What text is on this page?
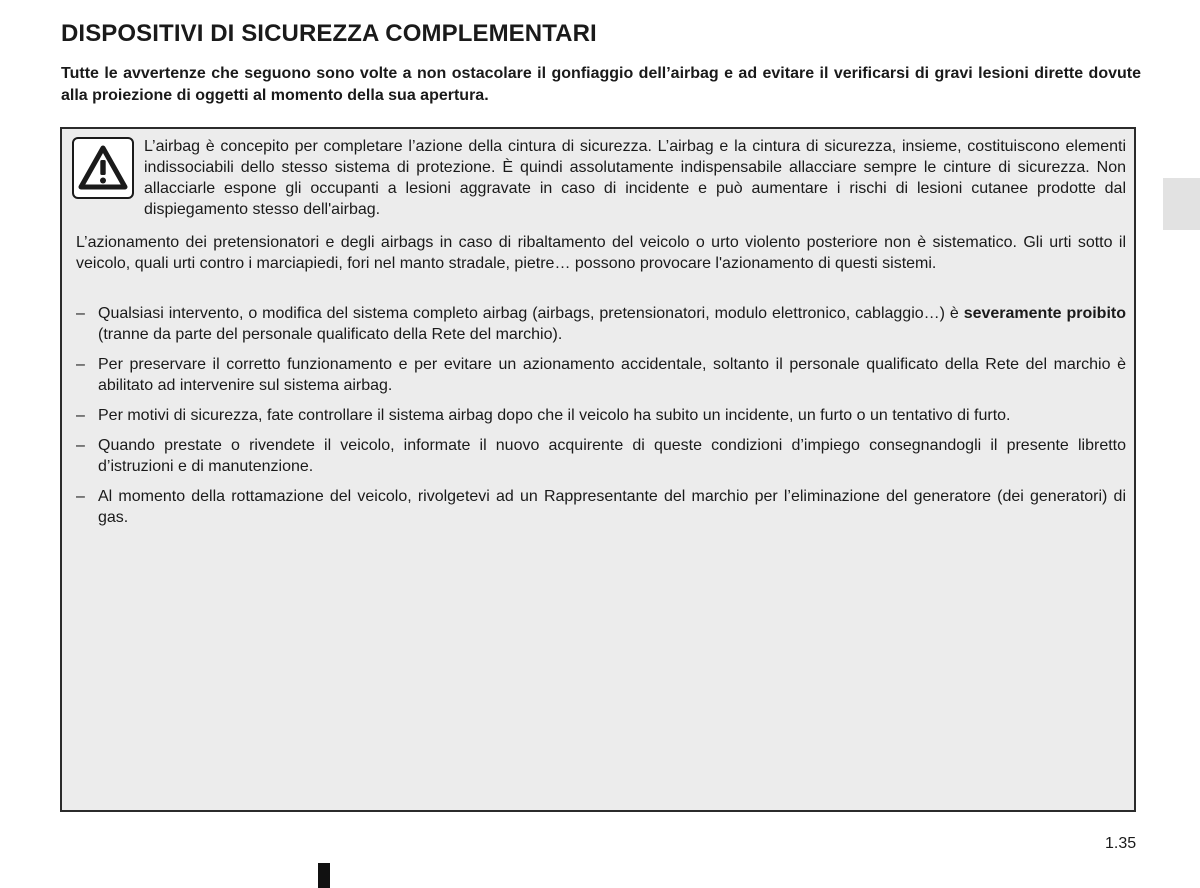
DISPOSITIVI DI SICUREZZA COMPLEMENTARI

Tutte le avvertenze che seguono sono volte a non ostacolare il gonfiaggio dell’airbag e ad evitare il verificarsi di gravi lesioni dirette dovute alla proiezione di oggetti al momento della sua apertura.

L’airbag è concepito per completare l’azione della cintura di sicurezza. L’airbag e la cintura di sicurezza, insieme, costituiscono elementi indissociabili dello stesso sistema di protezione. È quindi assolutamente indispensabile allacciare sempre le cinture di sicurezza. Non allacciarle espone gli occupanti a lesioni aggravate in caso di incidente e può aumentare i rischi di lesioni cutanee prodotte dal dispiegamento stesso dell'airbag.

L’azionamento dei pretensionatori e degli airbags in caso di ribaltamento del veicolo o urto violento posteriore non è sistematico. Gli urti sotto il veicolo, quali urti contro i marciapiedi, fori nel manto stradale, pietre… possono provocare l'azionamento di questi sistemi.

– Qualsiasi intervento, o modifica del sistema completo airbag (airbags, pretensionatori, modulo elettronico, cablaggio…) è severamente proibito (tranne da parte del personale qualificato della Rete del marchio).
– Per preservare il corretto funzionamento e per evitare un azionamento accidentale, soltanto il personale qualificato della Rete del marchio è abilitato ad intervenire sul sistema airbag.
– Per motivi di sicurezza, fate controllare il sistema airbag dopo che il veicolo ha subito un incidente, un furto o un tentativo di furto.
– Quando prestate o rivendete il veicolo, informate il nuovo acquirente di queste condizioni d’impiego consegnandogli il presente libretto d’istruzioni e di manutenzione.
– Al momento della rottamazione del veicolo, rivolgetevi ad un Rappresentante del marchio per l’eliminazione del generatore (dei generatori) di gas.

1.35
